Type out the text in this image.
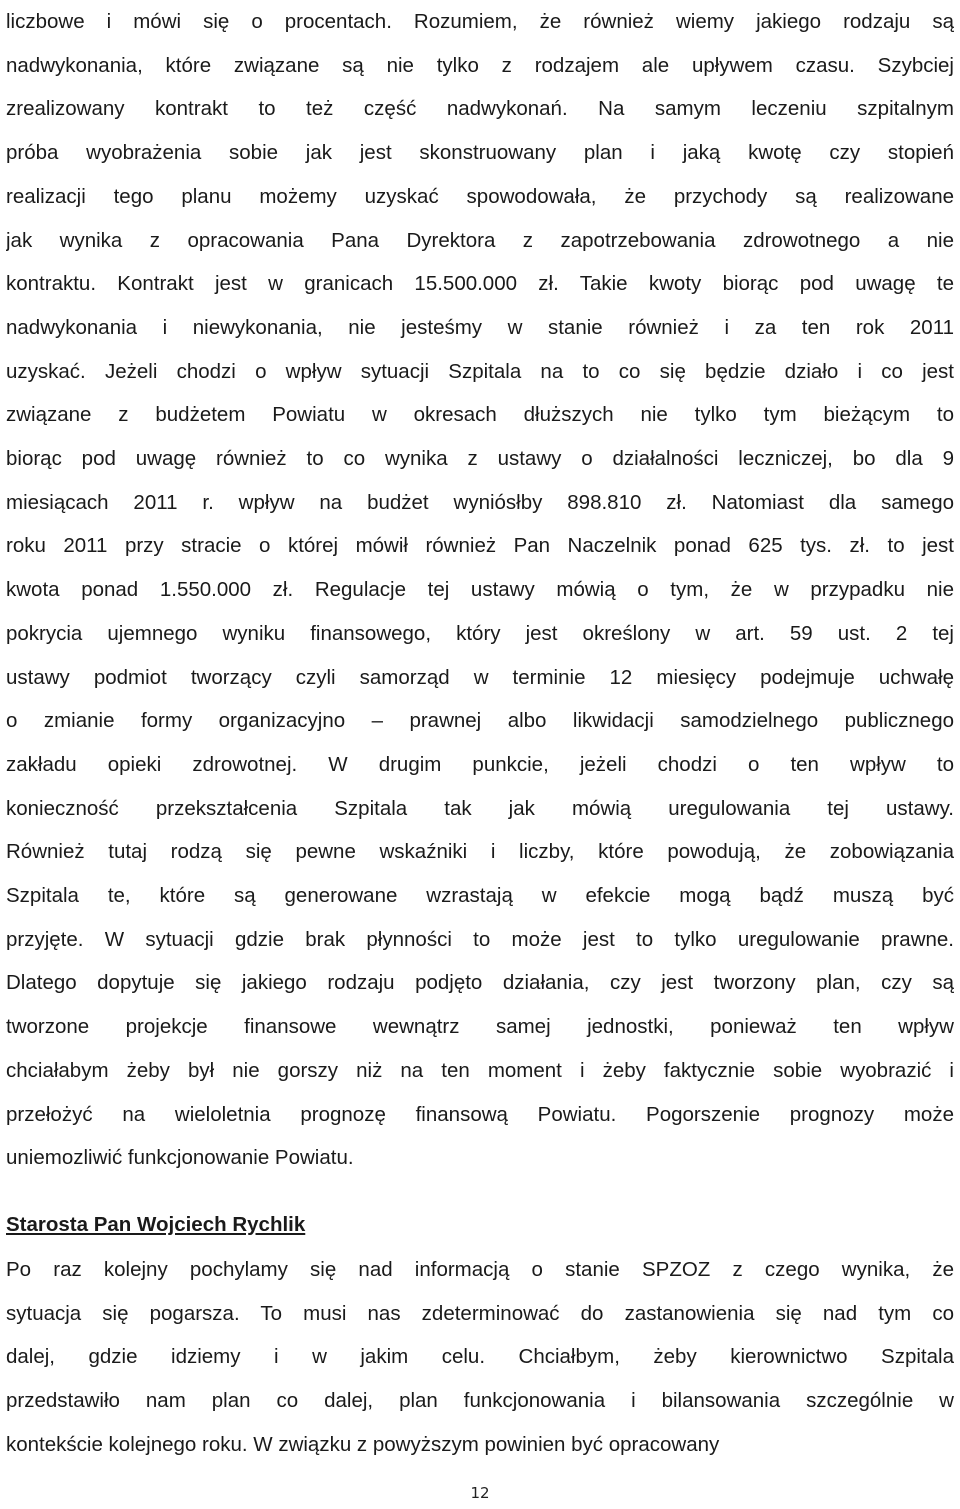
liczbowe i mówi się o procentach. Rozumiem, że również wiemy jakiego rodzaju są
nadwykonania, które związane są nie tylko z rodzajem ale upływem czasu. Szybciej
zrealizowany kontrakt to też część nadwykonań. Na samym leczeniu szpitalnym
próba wyobrażenia sobie jak jest skonstruowany plan i jaką kwotę czy stopień
realizacji tego planu możemy uzyskać spowodowała, że przychody są realizowane
jak wynika z opracowania Pana Dyrektora z zapotrzebowania zdrowotnego a nie
kontraktu. Kontrakt jest w granicach 15.500.000 zł. Takie kwoty biorąc pod uwagę te
nadwykonania i niewykonania, nie jesteśmy w stanie również i za ten rok 2011
uzyskać. Jeżeli chodzi o wpływ sytuacji Szpitala na to co się będzie działo i co jest
związane z budżetem Powiatu w okresach dłuższych nie tylko tym bieżącym to
biorąc pod uwagę również to co wynika z ustawy o działalności leczniczej, bo dla 9
miesiącach 2011 r. wpływ na budżet wyniósłby 898.810 zł. Natomiast dla samego
roku 2011 przy stracie o której mówił również Pan Naczelnik ponad 625 tys. zł. to jest
kwota ponad 1.550.000 zł. Regulacje tej ustawy mówią o tym, że w przypadku nie
pokrycia ujemnego wyniku finansowego, który jest określony w art. 59 ust. 2 tej
ustawy podmiot tworzący czyli samorząd w terminie 12 miesięcy podejmuje uchwałę
o zmianie formy organizacyjno – prawnej albo likwidacji samodzielnego publicznego
zakładu opieki zdrowotnej. W drugim punkcie, jeżeli chodzi o ten wpływ to
konieczność przekształcenia Szpitala tak jak mówią uregulowania tej ustawy.
Również tutaj rodzą się pewne wskaźniki i liczby, które powodują, że zobowiązania
Szpitala te, które są generowane wzrastają w efekcie mogą bądź muszą być
przyjęte. W sytuacji gdzie brak płynności to może jest to tylko uregulowanie prawne.
Dlatego dopytuje się jakiego rodzaju podjęto działania, czy jest tworzony plan, czy są
tworzone projekcje finansowe wewnątrz samej jednostki, ponieważ ten wpływ
chciałabym żeby był nie gorszy niż na ten moment i żeby faktycznie sobie wyobrazić i
przełożyć na wieloletnia prognozę finansową Powiatu. Pogorszenie prognozy może
uniemozliwić funkcjonowanie Powiatu.
Starosta Pan Wojciech Rychlik
Po raz kolejny pochylamy się nad informacją o stanie SPZOZ z czego wynika, że
sytuacja się pogarsza. To musi nas zdeterminować do zastanowienia się nad tym co
dalej, gdzie idziemy i w jakim celu. Chciałbym, żeby kierownictwo Szpitala
przedstawiło nam plan co dalej, plan funkcjonowania i bilansowania szczególnie w
kontekście kolejnego roku. W związku z powyższym powinien być opracowany
12
